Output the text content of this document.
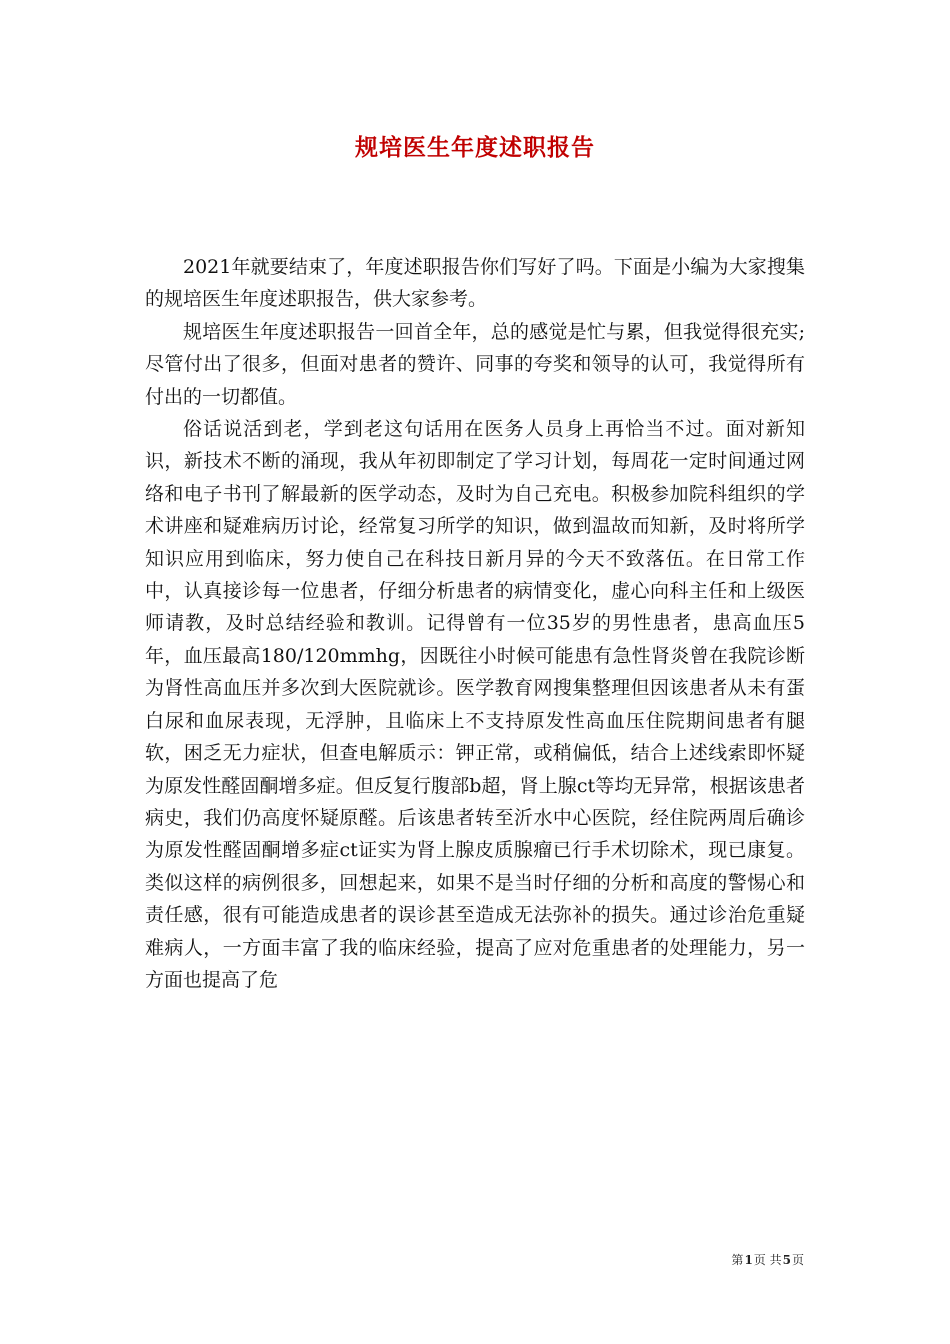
规培医生年度述职报告

2021年就要结束了，年度述职报告你们写好了吗。下面是小编为大家搜集的规培医生年度述职报告，供大家参考。

规培医生年度述职报告一回首全年，总的感觉是忙与累，但我觉得很充实;尽管付出了很多，但面对患者的赞许、同事的夸奖和领导的认可，我觉得所有付出的一切都值。

俗话说活到老，学到老这句话用在医务人员身上再恰当不过。面对新知识，新技术不断的涌现，我从年初即制定了学习计划，每周花一定时间通过网络和电子书刊了解最新的医学动态，及时为自己充电。积极参加院科组织的学术讲座和疑难病历讨论，经常复习所学的知识，做到温故而知新，及时将所学知识应用到临床，努力使自己在科技日新月异的今天不致落伍。在日常工作中，认真接诊每一位患者，仔细分析患者的病情变化，虚心向科主任和上级医师请教，及时总结经验和教训。记得曾有一位35岁的男性患者，患高血压5年，血压最高180/120mmhg，因既往小时候可能患有急性肾炎曾在我院诊断为肾性高血压并多次到大医院就诊。医学教育网搜集整理但因该患者从未有蛋白尿和血尿表现，无浮肿，且临床上不支持原发性高血压住院期间患者有腿软，困乏无力症状，但查电解质示：钾正常，或稍偏低，结合上述线索即怀疑为原发性醛固酮增多症。但反复行腹部b超，肾上腺ct等均无异常，根据该患者病史，我们仍高度怀疑原醛。后该患者转至沂水中心医院，经住院两周后确诊为原发性醛固酮增多症ct证实为肾上腺皮质腺瘤已行手术切除术，现已康复。类似这样的病例很多，回想起来，如果不是当时仔细的分析和高度的警惕心和责任感，很有可能造成患者的误诊甚至造成无法弥补的损失。通过诊治危重疑难病人，一方面丰富了我的临床经验，提高了应对危重患者的处理能力，另一方面也提高了危

第1页 共5页
